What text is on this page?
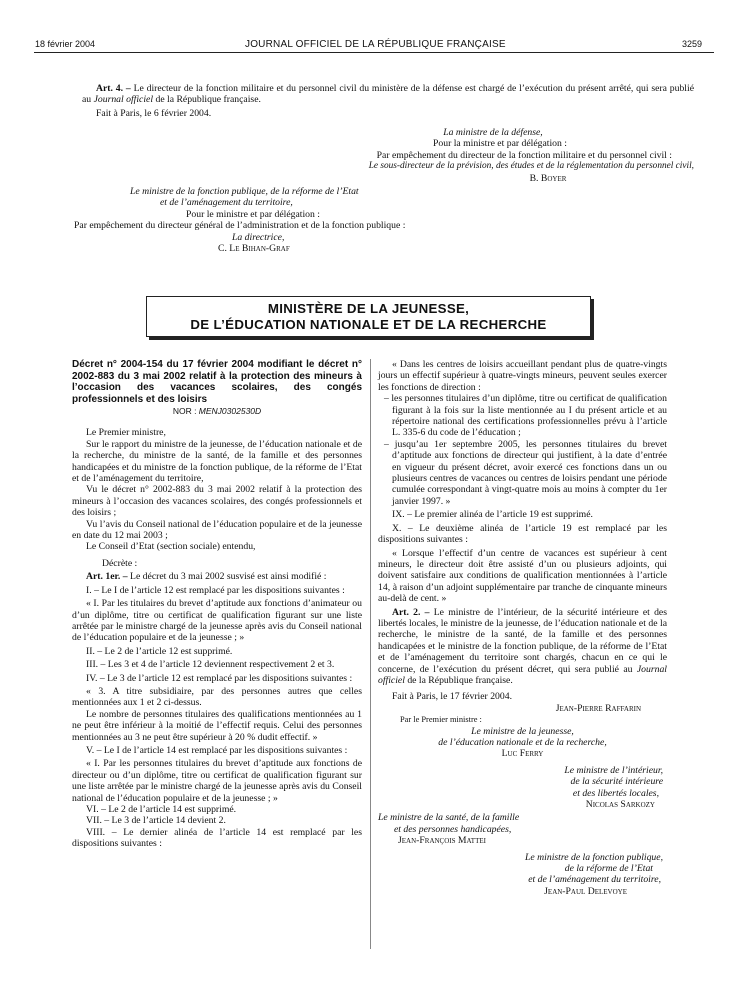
18 février 2004	JOURNAL OFFICIEL DE LA RÉPUBLIQUE FRANÇAISE	3259

Art. 4. – Le directeur de la fonction militaire et du personnel civil du ministère de la défense est chargé de l’exécution du présent arrêté, qui sera publié au Journal officiel de la République française.

Fait à Paris, le 6 février 2004.

La ministre de la défense,

Pour la ministre et par délégation :

Par empêchement du directeur de la fonction militaire et du personnel civil :

Le sous-directeur de la prévision, des études et de la réglementation du personnel civil,

B. Boyer

Le ministre de la fonction publique, de la réforme de l’Etat

et de l’aménagement du territoire,

Pour le ministre et par délégation :

Par empêchement du directeur général de l’administration et de la fonction publique :

La directrice,

C. Le Bihan-Graf

MINISTÈRE DE LA JEUNESSE,
DE L’ÉDUCATION NATIONALE ET DE LA RECHERCHE

Décret n° 2004-154 du 17 février 2004 modifiant le décret n° 2002-883 du 3 mai 2002 relatif à la protection des mineurs à l’occasion des vacances scolaires, des congés professionnels et des loisirs

NOR : MENJ0302530D

Le Premier ministre,

Sur le rapport du ministre de la jeunesse, de l’éducation nationale et de la recherche, du ministre de la santé, de la famille et des personnes handicapées et du ministre de la fonction publique, de la réforme de l’Etat et de l’aménagement du territoire,

Vu le décret n° 2002-883 du 3 mai 2002 relatif à la protection des mineurs à l’occasion des vacances scolaires, des congés professionnels et des loisirs ;

Vu l’avis du Conseil national de l’éducation populaire et de la jeunesse en date du 12 mai 2003 ;

Le Conseil d’Etat (section sociale) entendu,

Décrète :

Art. 1er. – Le décret du 3 mai 2002 susvisé est ainsi modifié :

I. – Le I de l’article 12 est remplacé par les dispositions suivantes :

« I. Par les titulaires du brevet d’aptitude aux fonctions d’animateur ou d’un diplôme, titre ou certificat de qualification figurant sur une liste arrêtée par le ministre chargé de la jeunesse après avis du Conseil national de l’éducation populaire et de la jeunesse ; »

II. – Le 2 de l’article 12 est supprimé.

III. – Les 3 et 4 de l’article 12 deviennent respectivement 2 et 3.

IV. – Le 3 de l’article 12 est remplacé par les dispositions suivantes :

« 3. A titre subsidiaire, par des personnes autres que celles mentionnées aux 1 et 2 ci-dessus.

Le nombre de personnes titulaires des qualifications mentionnées au 1 ne peut être inférieur à la moitié de l’effectif requis. Celui des personnes mentionnées au 3 ne peut être supérieur à 20 % dudit effectif. »

V. – Le I de l’article 14 est remplacé par les dispositions suivantes :

« I. Par les personnes titulaires du brevet d’aptitude aux fonctions de directeur ou d’un diplôme, titre ou certificat de qualification figurant sur une liste arrêtée par le ministre chargé de la jeunesse après avis du Conseil national de l’éducation populaire et de la jeunesse ; »

VI. – Le 2 de l’article 14 est supprimé.

VII. – Le 3 de l’article 14 devient 2.

VIII. – Le dernier alinéa de l’article 14 est remplacé par les dispositions suivantes :

« Dans les centres de loisirs accueillant pendant plus de quatre-vingts jours un effectif supérieur à quatre-vingts mineurs, peuvent seules exercer les fonctions de direction :

– les personnes titulaires d’un diplôme, titre ou certificat de qualification figurant à la fois sur la liste mentionnée au I du présent article et au répertoire national des certifications professionnelles prévu à l’article L. 335-6 du code de l’éducation ;

– jusqu’au 1er septembre 2005, les personnes titulaires du brevet d’aptitude aux fonctions de directeur qui justifient, à la date d’entrée en vigueur du présent décret, avoir exercé ces fonctions dans un ou plusieurs centres de vacances ou centres de loisirs pendant une période cumulée correspondant à vingt-quatre mois au moins à compter du 1er janvier 1997. »

IX. – Le premier alinéa de l’article 19 est supprimé.

X. – Le deuxième alinéa de l’article 19 est remplacé par les dispositions suivantes :

« Lorsque l’effectif d’un centre de vacances est supérieur à cent mineurs, le directeur doit être assisté d’un ou plusieurs adjoints, qui doivent satisfaire aux conditions de qualification mentionnées à l’article 14, à raison d’un adjoint supplémentaire par tranche de cinquante mineurs au-delà de cent. »

Art. 2. – Le ministre de l’intérieur, de la sécurité intérieure et des libertés locales, le ministre de la jeunesse, de l’éducation nationale et de la recherche, le ministre de la santé, de la famille et des personnes handicapées et le ministre de la fonction publique, de la réforme de l’Etat et de l’aménagement du territoire sont chargés, chacun en ce qui le concerne, de l’exécution du présent décret, qui sera publié au Journal officiel de la République française.

Fait à Paris, le 17 février 2004.

Jean-Pierre Raffarin

Par le Premier ministre :

Le ministre de la jeunesse,

de l’éducation nationale et de la recherche,

Luc Ferry

Le ministre de l’intérieur,

de la sécurité intérieure

et des libertés locales,

Nicolas Sarkozy

Le ministre de la santé, de la famille

et des personnes handicapées,

Jean-François Mattei

Le ministre de la fonction publique,

de la réforme de l’Etat

et de l’aménagement du territoire,

Jean-Paul Delevoye
